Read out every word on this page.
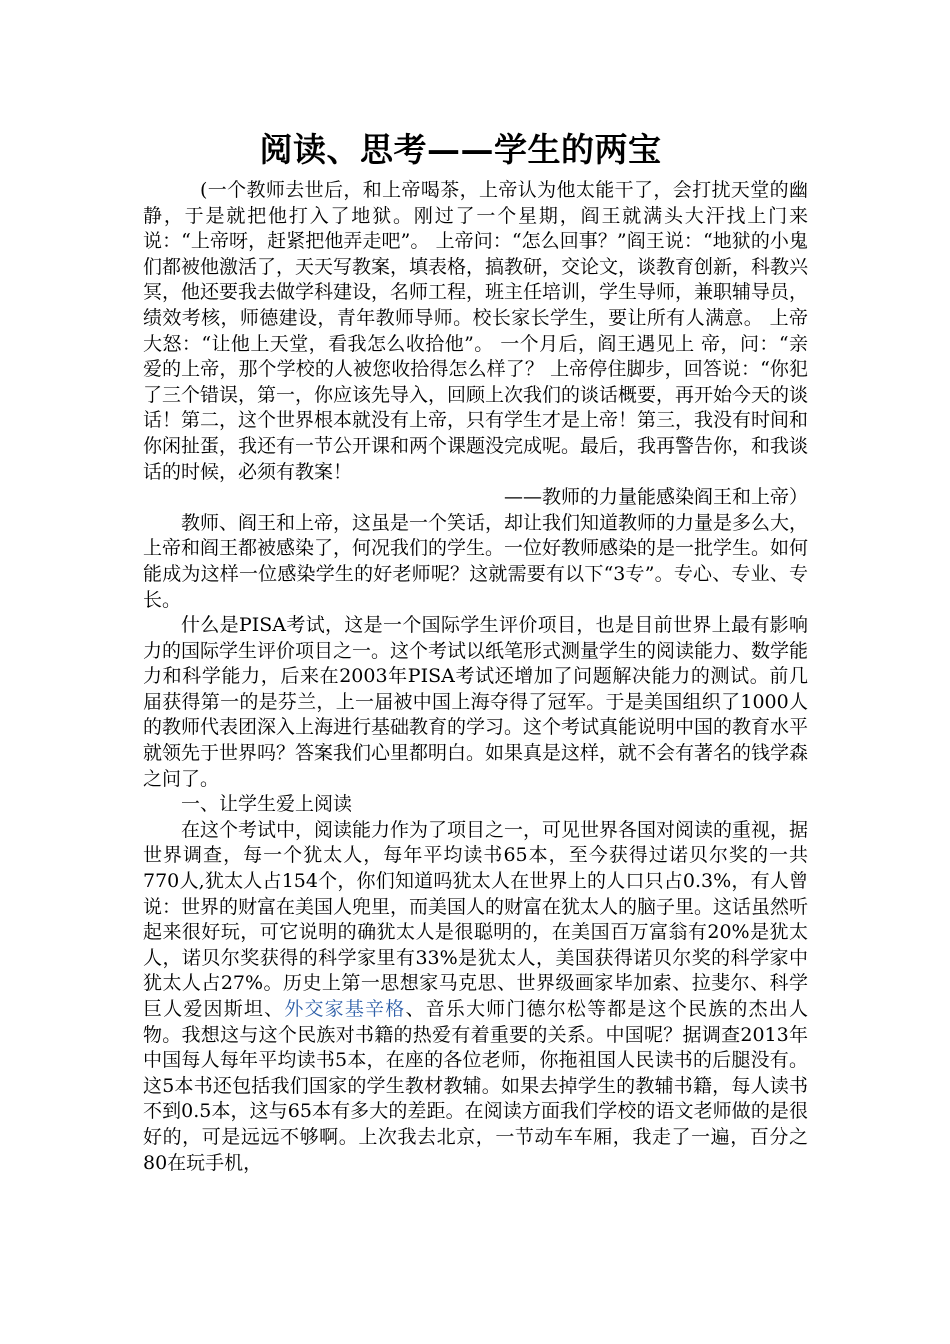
阅读、思考——学生的两宝

(一个教师去世后，和上帝喝茶，上帝认为他太能干了，会打扰天堂的幽静，于是就把他打入了地狱。刚过了一个星期，阎王就满头大汗找上门来说：“上帝呀，赶紧把他弄走吧”。 上帝问：“怎么回事？”阎王说：“地狱的小鬼们都被他激活了，天天写教案，填表格，搞教研，交论文，谈教育创新，科教兴冥，他还要我去做学科建设，名师工程，班主任培训，学生导师，兼职辅导员，绩效考核，师德建设，青年教师导师。校长家长学生，要让所有人满意。 上帝大怒：“让他上天堂，看我怎么收拾他”。 一个月后，阎王遇见上 帝，问：“亲爱的上帝，那个学校的人被您收拾得怎么样了？ 上帝停住脚步，回答说：“你犯了三个错误，第一，你应该先导入，回顾上次我们的谈话概要，再开始今天的谈话！第二，这个世界根本就没有上帝，只有学生才是上帝！第三，我没有时间和你闲扯蛋，我还有一节公开课和两个课题没完成呢。最后，我再警告你，和我谈话的时候，必须有教案！

——教师的力量能感染阎王和上帝）

教师、阎王和上帝，这虽是一个笑话，却让我们知道教师的力量是多么大，上帝和阎王都被感染了，何况我们的学生。一位好教师感染的是一批学生。如何能成为这样一位感染学生的好老师呢？这就需要有以下“3专”。专心、专业、专长。

什么是PISA考试，这是一个国际学生评价项目，也是目前世界上最有影响力的国际学生评价项目之一。这个考试以纸笔形式测量学生的阅读能力、数学能力和科学能力，后来在2003年PISA考试还增加了问题解决能力的测试。前几届获得第一的是芬兰，上一届被中国上海夺得了冠军。于是美国组织了1000人的教师代表团深入上海进行基础教育的学习。这个考试真能说明中国的教育水平就领先于世界吗？答案我们心里都明白。如果真是这样，就不会有著名的钱学森之问了。

一、让学生爱上阅读

在这个考试中，阅读能力作为了项目之一，可见世界各国对阅读的重视，据世界调查，每一个犹太人，每年平均读书65本，至今获得过诺贝尔奖的一共770人,犹太人占154个，你们知道吗犹太人在世界上的人口只占0.3%，有人曾说：世界的财富在美国人兜里，而美国人的财富在犹太人的脑子里。这话虽然听起来很好玩，可它说明的确犹太人是很聪明的，在美国百万富翁有20%是犹太人，诺贝尔奖获得的科学家里有33%是犹太人，美国获得诺贝尔奖的科学家中犹太人占27%。历史上第一思想家马克思、世界级画家毕加索、拉斐尔、科学巨人爱因斯坦、外交家基辛格、音乐大师门德尔松等都是这个民族的杰出人物。我想这与这个民族对书籍的热爱有着重要的关系。中国呢？据调查2013年中国每人每年平均读书5本，在座的各位老师，你拖祖国人民读书的后腿没有。这5本书还包括我们国家的学生教材教辅。如果去掉学生的教辅书籍，每人读书不到0.5本，这与65本有多大的差距。在阅读方面我们学校的语文老师做的是很好的，可是远远不够啊。上次我去北京，一节动车车厢，我走了一遍，百分之80在玩手机，
